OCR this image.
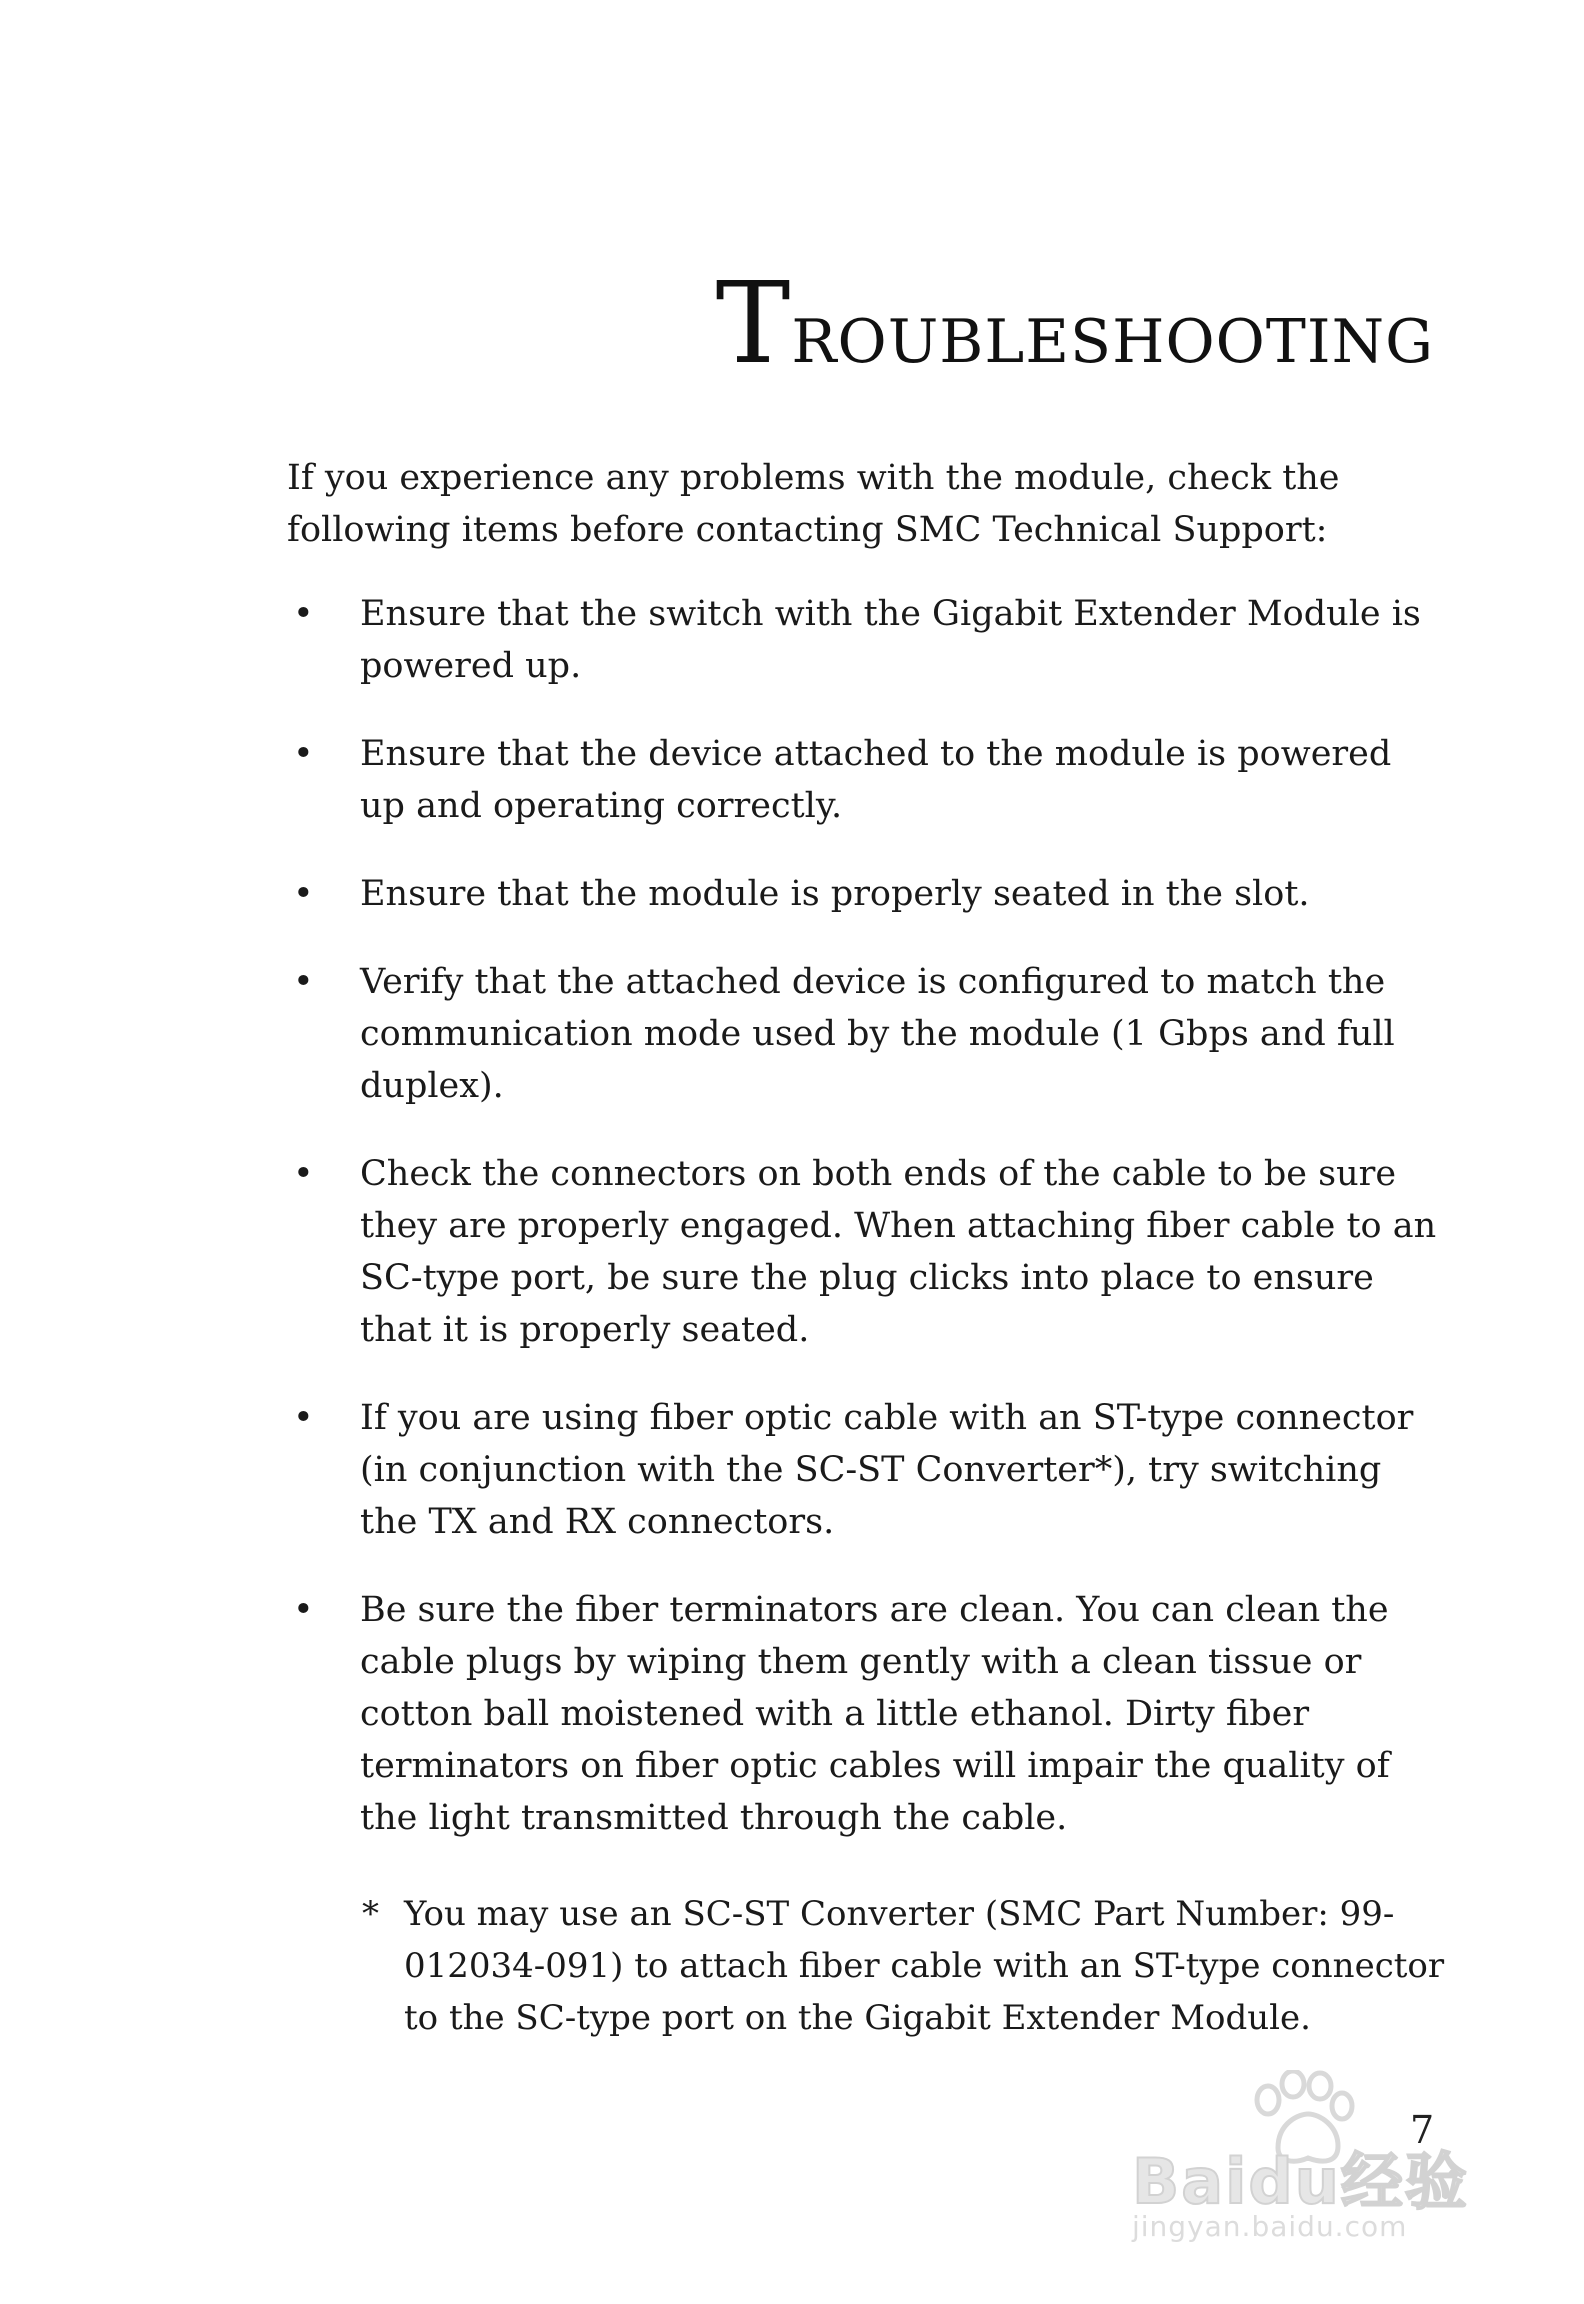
TROUBLESHOOTING

If you experience any problems with the module, check the following items before contacting SMC Technical Support:

• Ensure that the switch with the Gigabit Extender Module is powered up.
• Ensure that the device attached to the module is powered up and operating correctly.
• Ensure that the module is properly seated in the slot.
• Verify that the attached device is configured to match the communication mode used by the module (1 Gbps and full duplex).
• Check the connectors on both ends of the cable to be sure they are properly engaged. When attaching fiber cable to an SC-type port, be sure the plug clicks into place to ensure that it is properly seated.
• If you are using fiber optic cable with an ST-type connector (in conjunction with the SC-ST Converter*), try switching the TX and RX connectors.
• Be sure the fiber terminators are clean. You can clean the cable plugs by wiping them gently with a clean tissue or cotton ball moistened with a little ethanol. Dirty fiber terminators on fiber optic cables will impair the quality of the light transmitted through the cable.
* You may use an SC-ST Converter (SMC Part Number: 99-012034-091) to attach fiber cable with an ST-type connector to the SC-type port on the Gigabit Extender Module.
Baidu经验
jingyan.baidu.com
7
